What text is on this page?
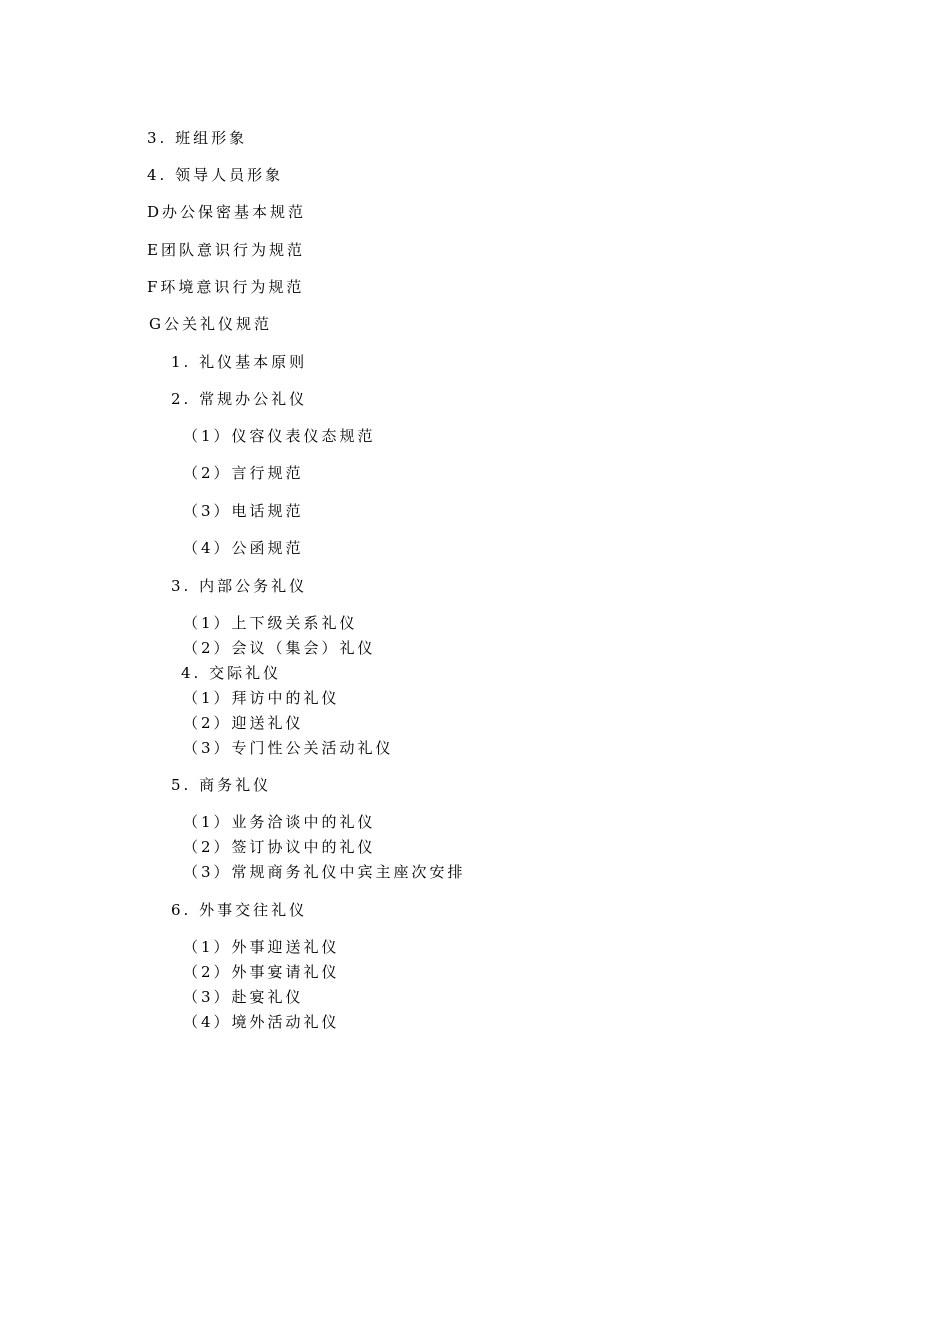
3. 班组形象
4. 领导人员形象
D办公保密基本规范
E团队意识行为规范
F环境意识行为规范
G公关礼仪规范
1. 礼仪基本原则
2. 常规办公礼仪
（1）仪容仪表仪态规范
（2）言行规范
（3）电话规范
（4）公函规范
3. 内部公务礼仪
（1）上下级关系礼仪
（2）会议（集会）礼仪
4. 交际礼仪
（1）拜访中的礼仪
（2）迎送礼仪
（3）专门性公关活动礼仪
5. 商务礼仪
（1）业务洽谈中的礼仪
（2）签订协议中的礼仪
（3）常规商务礼仪中宾主座次安排
6. 外事交往礼仪
（1）外事迎送礼仪
（2）外事宴请礼仪
（3）赴宴礼仪
（4）境外活动礼仪
